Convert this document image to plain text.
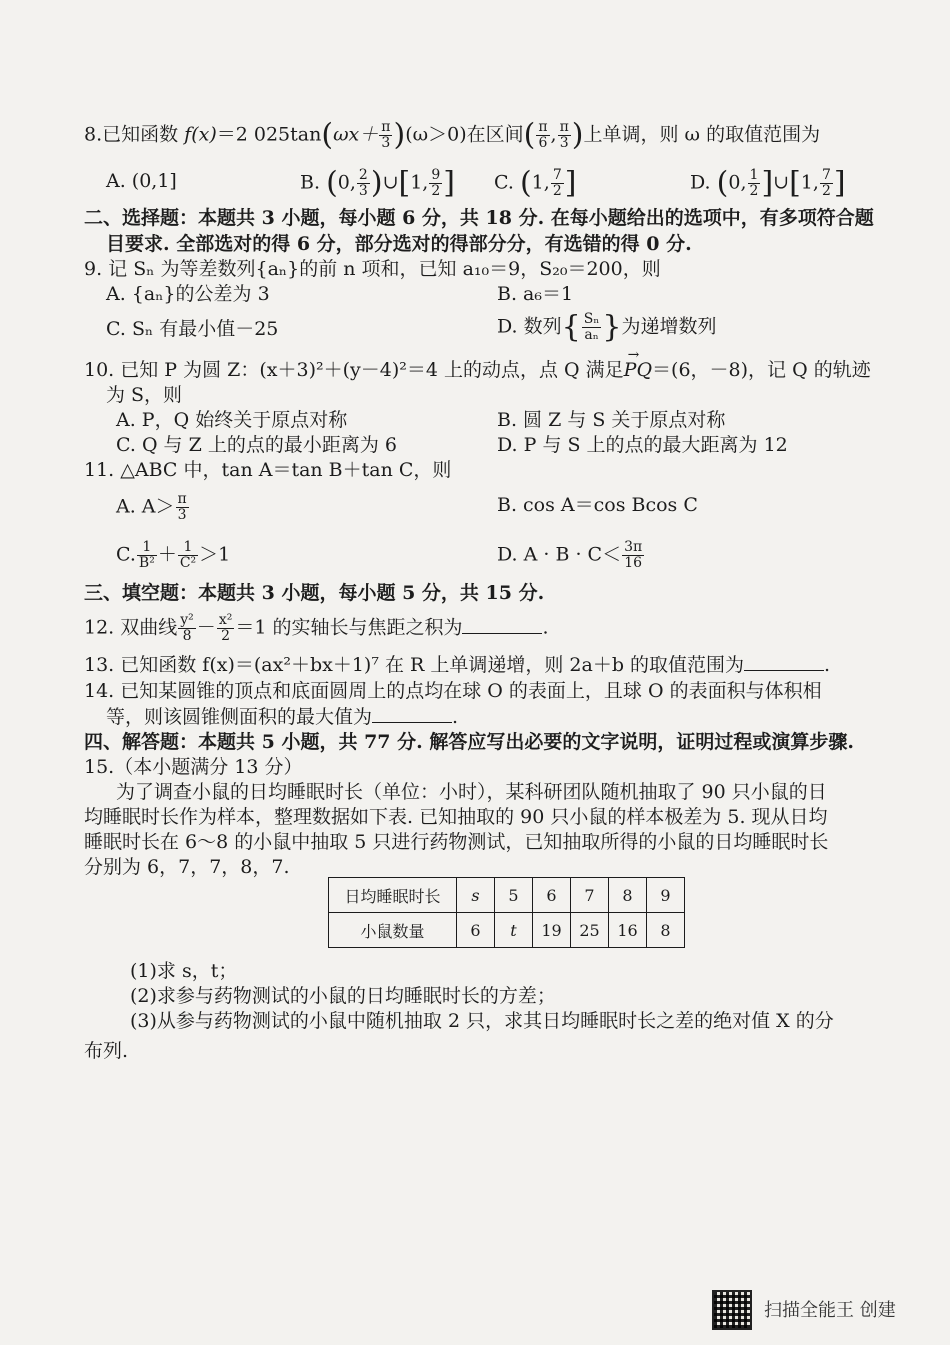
8.已知函数 f(x)＝2 $025\tan(\omega x+ \frac{\pi}{3} )(\omega>0)$在区间( $\frac{\pi}{6}$ , $\frac{\pi}{3}$ )上单调，则 ω 的取值范围为
A. (0,1]	B. (0, $\frac{2}{3}$ )∪[1, $\frac{9}{2}$ ] C. (1, $\frac{7}{2}$ ]	D. (0, $\frac{1}{2}$ ]∪[1, $\frac{7}{2}$ ]
二、选择题：本题共 3 小题，每小题 6 分，共 18 分. 在每小题给出的选项中，有多项符合题
目要求. 全部选对的得 6 分，部分选对的得部分分，有选错的得 0 分.
9. 记 Sₙ 为等差数列{aₙ}的前 n 项和，已知 a₁₀＝9，S₂₀＝200，则
A. {aₙ}的公差为 3	B. a₆＝1
C. Sₙ 有最小值－25	D. 数列{ $\frac{\text{Sₙ}}{\text{aₙ}}$ }为递增数列
10. 已知 P 为圆 Z：(x＋3)²＋(y－4)²＝4 上的动点，点 Q 满足→ PQ＝(6，－8)，记 Q 的轨迹
为 S，则
A. P，Q 始终关于原点对称	B. 圆 Z 与 S 关于原点对称
C. Q 与 Z 上的点的最小距离为 6	D. P 与 S 上的点的最大距离为 12
11. △ABC 中，tan A＝tan B＋tan C，则
A. $A> \frac{\pi}{3}$	B. cos A＝cos Bcos C
C. $\frac{1}{\text{B²}} + \frac{1}{\text{C²}} >1$	D. $A \cdot B \cdot C< \frac{3\pi}{16}$
三、填空题：本题共 3 小题，每小题 5 分，共 15 分.
12. 双曲线 $\frac{\text{y²}}{8} - \frac{\text{x²}}{2} =1$ 的实轴长与焦距之积为	.
13. 已知函数 f(x)＝(ax²＋bx＋1)⁷ 在 R 上单调递增，则 2a＋b 的取值范围为	.
14. 已知某圆锥的顶点和底面圆周上的点均在球 O 的表面上，且球 O 的表面积与体积相
等，则该圆锥侧面积的最大值为	.
四、解答题：本题共 5 小题，共 77 分. 解答应写出必要的文字说明，证明过程或演算步骤.
15.（本小题满分 13 分）
为了调查小鼠的日均睡眠时长（单位：小时），某科研团队随机抽取了 90 只小鼠的日
均睡眠时长作为样本，整理数据如下表. 已知抽取的 90 只小鼠的样本极差为 5. 现从日均
睡眠时长在 6～8 的小鼠中抽取 5 只进行药物测试，已知抽取所得的小鼠的日均睡眠时长
分别为 6，7，7，8，7.
日均睡眠时长	s	5	6	7	8	9
小鼠数量	6	t	19	25	16	8
(1)求 s，t；
(2)求参与药物测试的小鼠的日均睡眠时长的方差；
(3)从参与药物测试的小鼠中随机抽取 2 只，求其日均睡眠时长之差的绝对值 X 的分
布列.
扫描全能王 创建
